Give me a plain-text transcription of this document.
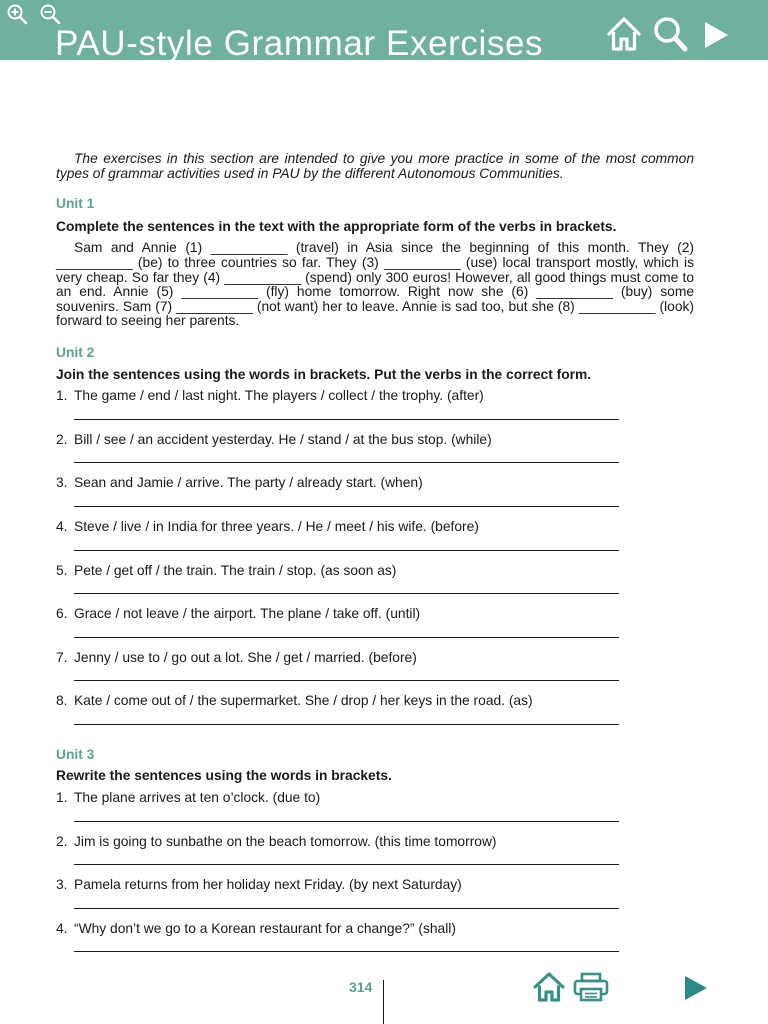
PAU-style Grammar Exercises

The exercises in this section are intended to give you more practice in some of the most common types of grammar activities used in PAU by the different Autonomous Communities.

Unit 1

Complete the sentences in the text with the appropriate form of the verbs in brackets.

Sam and Annie (1) __________ (travel) in Asia since the beginning of this month. They (2) __________ (be) to three countries so far. They (3) __________ (use) local transport mostly, which is very cheap. So far they (4) __________ (spend) only 300 euros! However, all good things must come to an end. Annie (5) __________ (fly) home tomorrow. Right now she (6) __________ (buy) some souvenirs. Sam (7) __________ (not want) her to leave. Annie is sad too, but she (8) __________ (look) forward to seeing her parents.

Unit 2

Join the sentences using the words in brackets. Put the verbs in the correct form.

1. The game / end / last night. The players / collect / the trophy. (after)
2. Bill / see / an accident yesterday. He / stand / at the bus stop. (while)
3. Sean and Jamie / arrive. The party / already start. (when)
4. Steve / live / in India for three years. / He / meet / his wife. (before)
5. Pete / get off / the train. The train / stop. (as soon as)
6. Grace / not leave / the airport. The plane / take off. (until)
7. Jenny / use to / go out a lot. She / get / married. (before)
8. Kate / come out of / the supermarket. She / drop / her keys in the road. (as)
Unit 3

Rewrite the sentences using the words in brackets.

1. The plane arrives at ten o’clock. (due to)
2. Jim is going to sunbathe on the beach tomorrow. (this time tomorrow)
3. Pamela returns from her holiday next Friday. (by next Saturday)
4. “Why don’t we go to a Korean restaurant for a change?” (shall)
314
